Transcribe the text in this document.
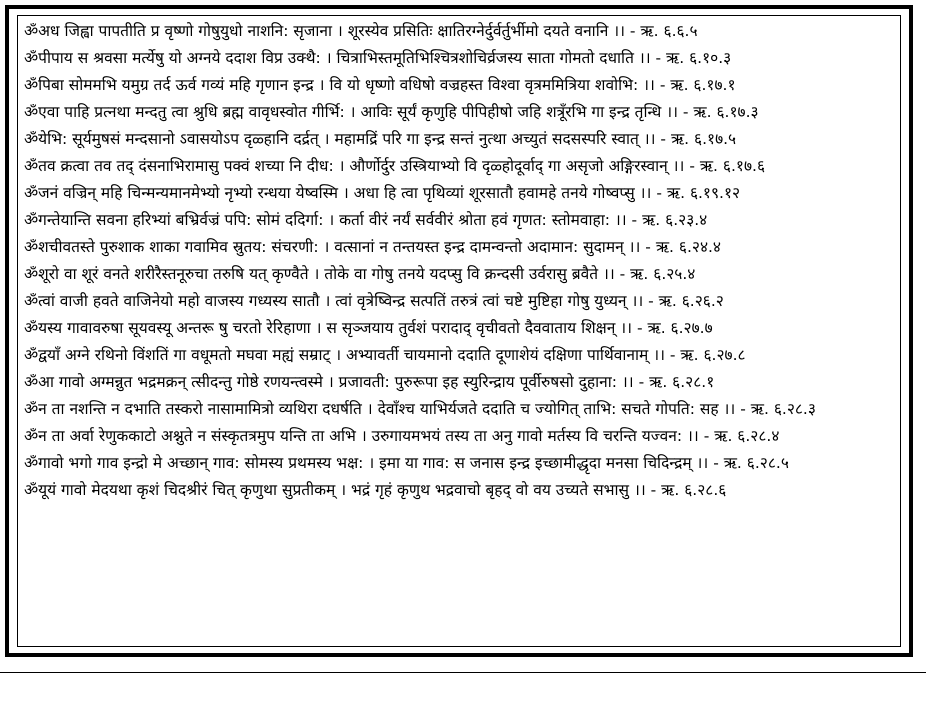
ॐअध जिह्वा पापतीति प्र वृष्णो गोषुयुधो नाशनि: सृजाना । शूरस्येव प्रसितिः क्षातिरग्नेर्दुर्वर्तुर्भीमो दयते वनानि ।। - ऋ. ६.६.५
ॐपीपाय स श्रवसा मर्त्येषु यो अग्नये ददाश विप्र उक्थै: । चित्राभिस्तमूतिभिश्चित्रशोचिर्व्रजस्य साता गोमतो दधाति ।। - ऋ. ६.१०.३
ॐपिबा सोममभि यमुग्र तर्द ऊर्व गव्यं महि गृणान इन्द्र । वि यो धृष्णो वधिषो वज्रहस्त विश्वा वृत्रममित्रिया शवोभि: ।। - ऋ. ६.१७.१
ॐएवा पाहि प्रत्नथा मन्दतु त्वा श्रुधि ब्रह्म वावृधस्वोत गीर्भि: । आविः सूर्यं कृणुहि पीपिहीषो जहि शत्रूँरभि गा इन्द्र तृन्धि ।। - ऋ. ६.१७.३
ॐयेभि: सूर्यमुषसं मन्दसानो ऽवासयोऽप दृळ्हानि दर्द्रत् । महामद्रिं परि गा इन्द्र सन्तं नुत्था अच्युतं सदसस्परि स्वात् ।। - ऋ. ६.१७.५
ॐतव क्रत्वा तव तद् दंसनाभिरामासु पक्वं शच्या नि दीध: । और्णोर्दुर उस्त्रियाभ्यो वि दृळ्होदूर्वाद् गा असृजो अङ्गिरस्वान् ।। - ऋ. ६.१७.६
ॐजनं वज्रिन् महि चिन्मन्यमानमेभ्यो नृभ्यो रन्धया येष्वस्मि । अधा हि त्वा पृथिव्यां शूरसातौ हवामहे तनये गोष्वप्सु ।। - ऋ. ६.१९.१२
ॐगन्तेयान्ति सवना हरिभ्यां बभ्रिर्वज्रं पपि: सोमं ददिर्गा: । कर्ता वीरं नर्यं सर्ववीरं श्रोता हवं गृणत: स्तोमवाहा: ।। - ऋ. ६.२३.४
ॐशचीवतस्ते पुरुशाक शाका गवामिव स्रुतय: संचरणी: । वत्सानां न तन्तयस्त इन्द्र दामन्वन्तो अदामान: सुदामन् ।। - ऋ. ६.२४.४
ॐशूरो वा शूरं वनते शरीरैस्तनूरुचा तरुषि यत् कृण्वैते । तोके वा गोषु तनये यदप्सु वि क्रन्दसी उर्वरासु ब्रवैते ।। - ऋ. ६.२५.४
ॐत्वां वाजी हवते वाजिनेयो महो वाजस्य गध्यस्य सातौ । त्वां वृत्रेष्विन्द्र सत्पतिं तरुत्रं त्वां चष्टे मुष्टिहा गोषु युध्यन् ।। - ऋ. ६.२६.२
ॐयस्य गावावरुषा सूयवस्यू अन्तरू षु चरतो रेरिहाणा । स सृञ्जयाय तुर्वशं परादाद् वृचीवतो दैववाताय शिक्षन् ।। - ऋ. ६.२७.७
ॐद्वयाँ अग्ने रथिनो विंशतिं गा वधूमतो मघवा मह्यं सम्राट् । अभ्यावर्ती चायमानो ददाति दूणाशेयं दक्षिणा पार्थिवानाम् ।। - ऋ. ६.२७.८
ॐआ गावो अग्मन्नुत भद्रमक्रन् त्सीदन्तु गोष्ठे रणयन्त्वस्मे । प्रजावती: पुरुरूपा इह स्युरिन्द्राय पूर्वीरुषसो दुहाना: ।। - ऋ. ६.२८.१
ॐन ता नशन्ति न दभाति तस्करो नासामामित्रो व्यथिरा दधर्षति । देवाँश्च याभिर्यजते ददाति च ज्योगित् ताभि: सचते गोपति: सह ।। - ऋ. ६.२८.३
ॐन ता अर्वा रेणुककाटो अश्नुते न संस्कृतत्रमुप यन्ति ता अभि । उरुगायमभयं तस्य ता अनु गावो मर्तस्य वि चरन्ति यज्वन: ।। - ऋ. ६.२८.४
ॐगावो भगो गाव इन्द्रो मे अच्छान् गाव: सोमस्य प्रथमस्य भक्ष: । इमा या गाव: स जनास इन्द्र इच्छामीद्धृदा मनसा चिदिन्द्रम् ।। - ऋ. ६.२८.५
ॐयूयं गावो मेदयथा कृशं चिदश्रीरं चित् कृणुथा सुप्रतीकम् । भद्रं गृहं कृणुथ भद्रवाचो बृहद् वो वय उच्यते सभासु ।। - ऋ. ६.२८.६
